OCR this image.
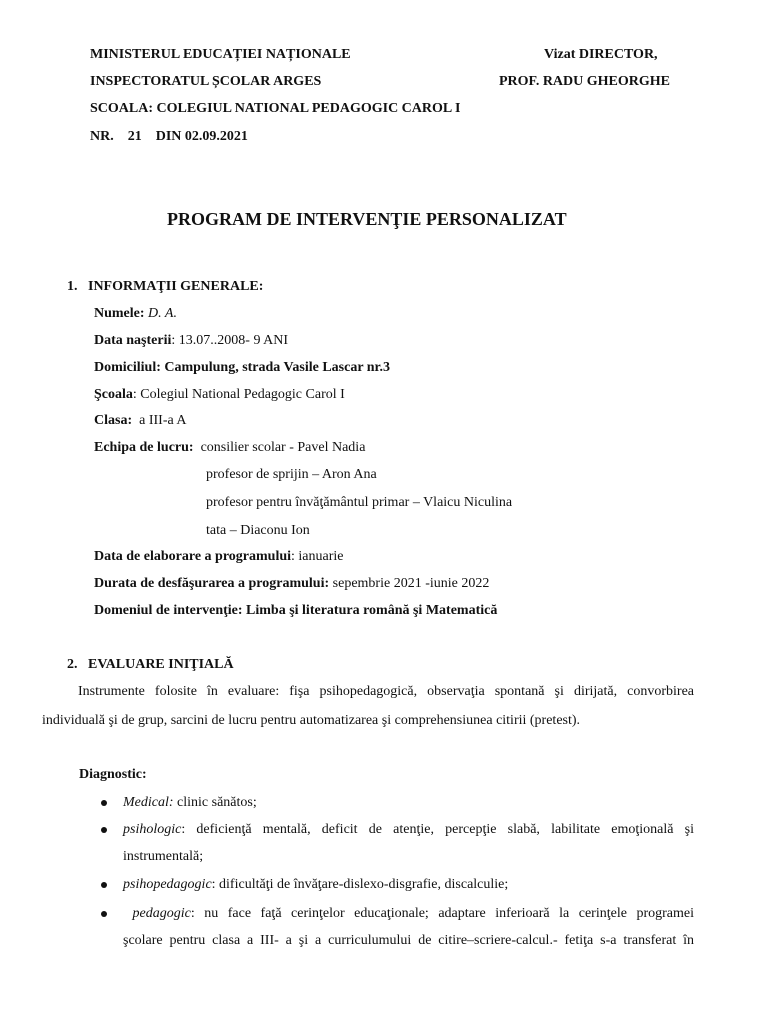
MINISTERUL EDUCAȚIEI NAȚIONALE	Vizat DIRECTOR,
INSPECTORATUL ȘCOLAR ARGES	PROF. RADU GHEORGHE
SCOALA: COLEGIUL NATIONAL PEDAGOGIC CAROL I
NR.    21    DIN 02.09.2021
PROGRAM DE INTERVENŢIE PERSONALIZAT
1.   INFORMAŢII GENERALE:
Numele: D. A.
Data naşterii: 13.07..2008- 9 ANI
Domiciliul: Campulung, strada Vasile Lascar nr.3
Şcoala: Colegiul National Pedagogic Carol I
Clasa:  a III-a A
Echipa de lucru:  consilier scolar - Pavel Nadia
profesor de sprijin – Aron Ana
profesor pentru învăţământul primar – Vlaicu Niculina
tata – Diaconu Ion
Data de elaborare a programului: ianuarie
Durata de desfăşurarea a programului: sepembrie 2021 -iunie 2022
Domeniul de intervenţie: Limba şi literatura română şi Matematică
2.   EVALUARE INIŢIALĂ
Instrumente folosite în evaluare: fişa psihopedagogică, observaţia spontană şi dirijată, convorbirea
individuală şi de grup, sarcini de lucru pentru automatizarea şi comprehensiunea citirii (pretest).
Diagnostic:
Medical: clinic sănătos;
psihologic: deficienţă mentală, deficit de atenţie, percepţie slabă, labilitate emoţională şi
instrumentală;
psihopedagogic: dificultăţi de învăţare-dislexo-disgrafie, discalculie;
pedagogic: nu face faţă cerinţelor educaţionale; adaptare inferioară la cerinţele programei
şcolare pentru clasa a III- a şi a curriculumului de citire–scriere-calcul.- fetiţa s-a transferat în
